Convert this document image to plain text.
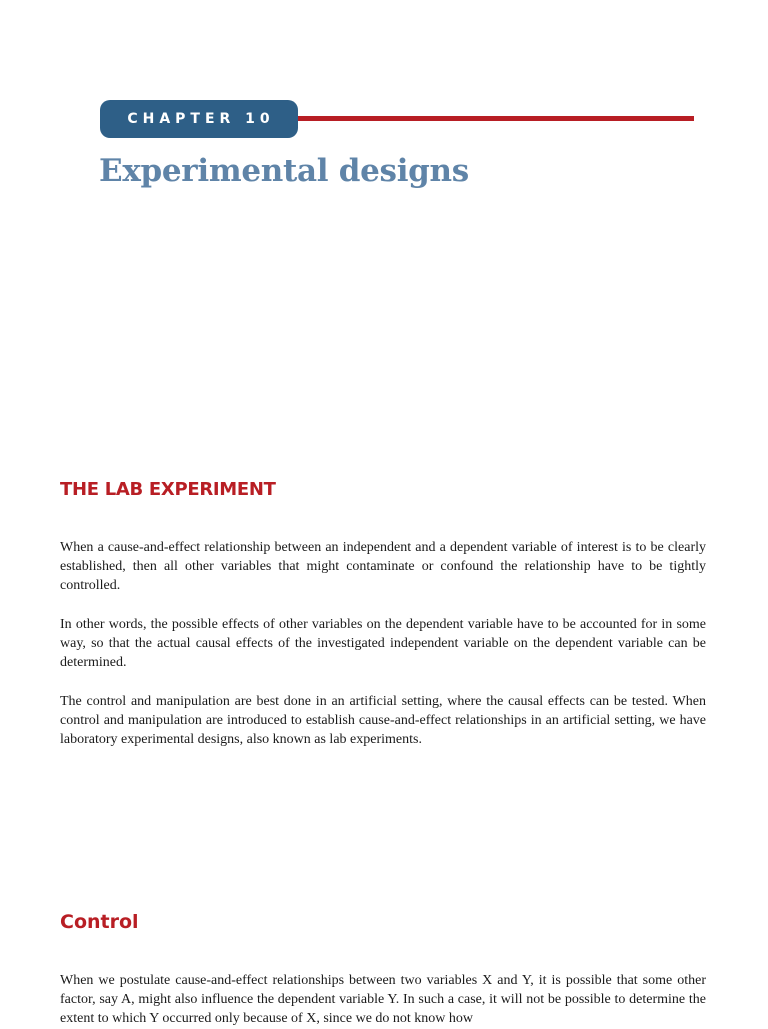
CHAPTER 10
Experimental designs
THE LAB EXPERIMENT

When a cause-and-effect relationship between an independent and a dependent variable of interest is to be clearly established, then all other variables that might contaminate or confound the relationship have to be tightly controlled.

In other words, the possible effects of other variables on the dependent variable have to be accounted for in some way, so that the actual causal effects of the investigated independent variable on the dependent variable can be determined.

The control and manipulation are best done in an artificial setting, where the causal effects can be tested. When control and manipulation are introduced to establish cause-and-effect relationships in an artificial setting, we have laboratory experimental designs, also known as lab experiments.

Control

When we postulate cause-and-effect relationships between two variables X and Y, it is possible that some other factor, say A, might also influence the dependent variable Y. In such a case, it will not be possible to determine the extent to which Y occurred only because of X, since we do not know how
